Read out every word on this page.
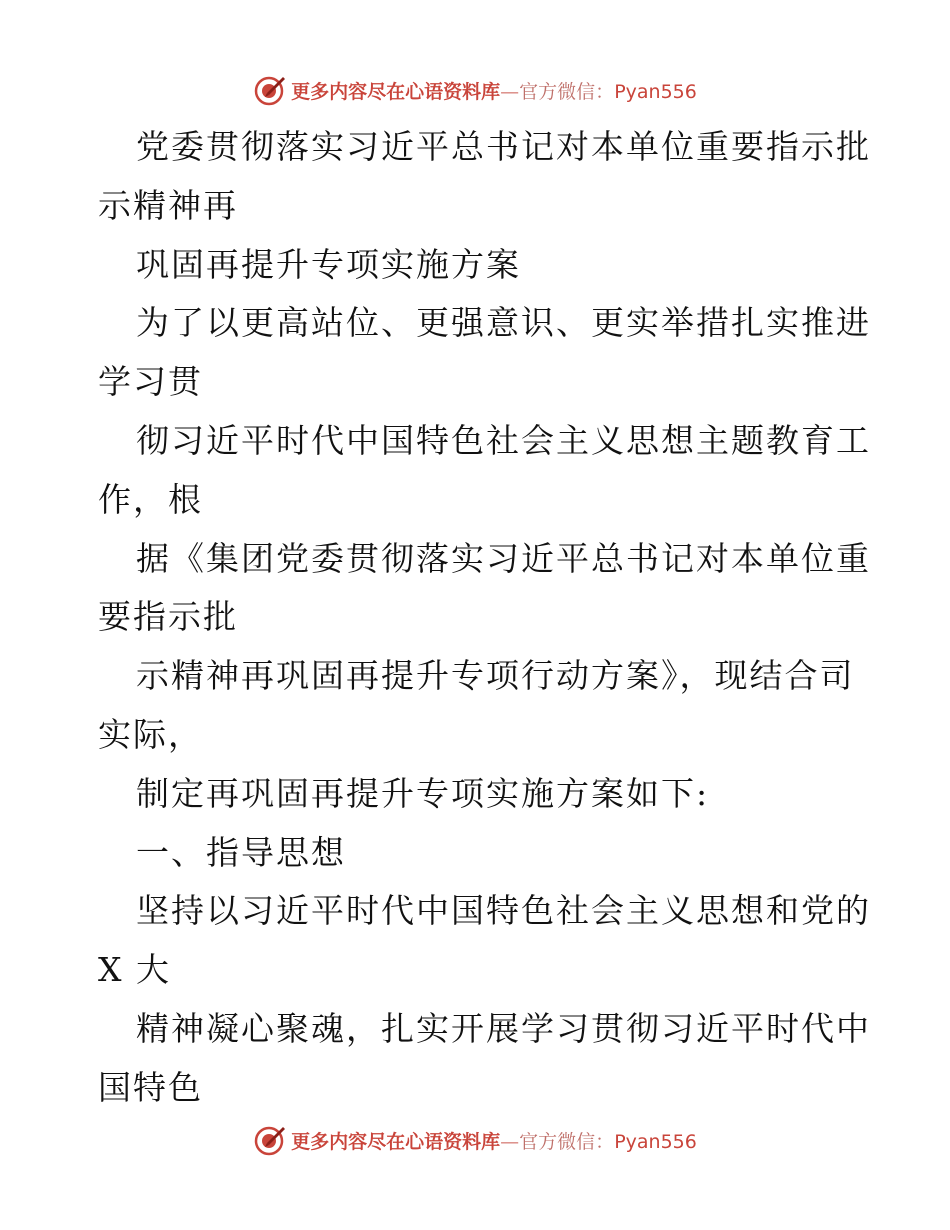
更多内容尽在心语资料库—官方微信：Pyan556
党委贯彻落实习近平总书记对本单位重要指示批
示精神再
巩固再提升专项实施方案
为了以更高站位、更强意识、更实举措扎实推进
学习贯
彻习近平时代中国特色社会主义思想主题教育工
作，根
据《集团党委贯彻落实习近平总书记对本单位重
要指示批
示精神再巩固再提升专项行动方案》，现结合司
实际，
制定再巩固再提升专项实施方案如下:
一、指导思想
坚持以习近平时代中国特色社会主义思想和党的
X 大
精神凝心聚魂，扎实开展学习贯彻习近平时代中
国特色
更多内容尽在心语资料库—官方微信：Pyan556
